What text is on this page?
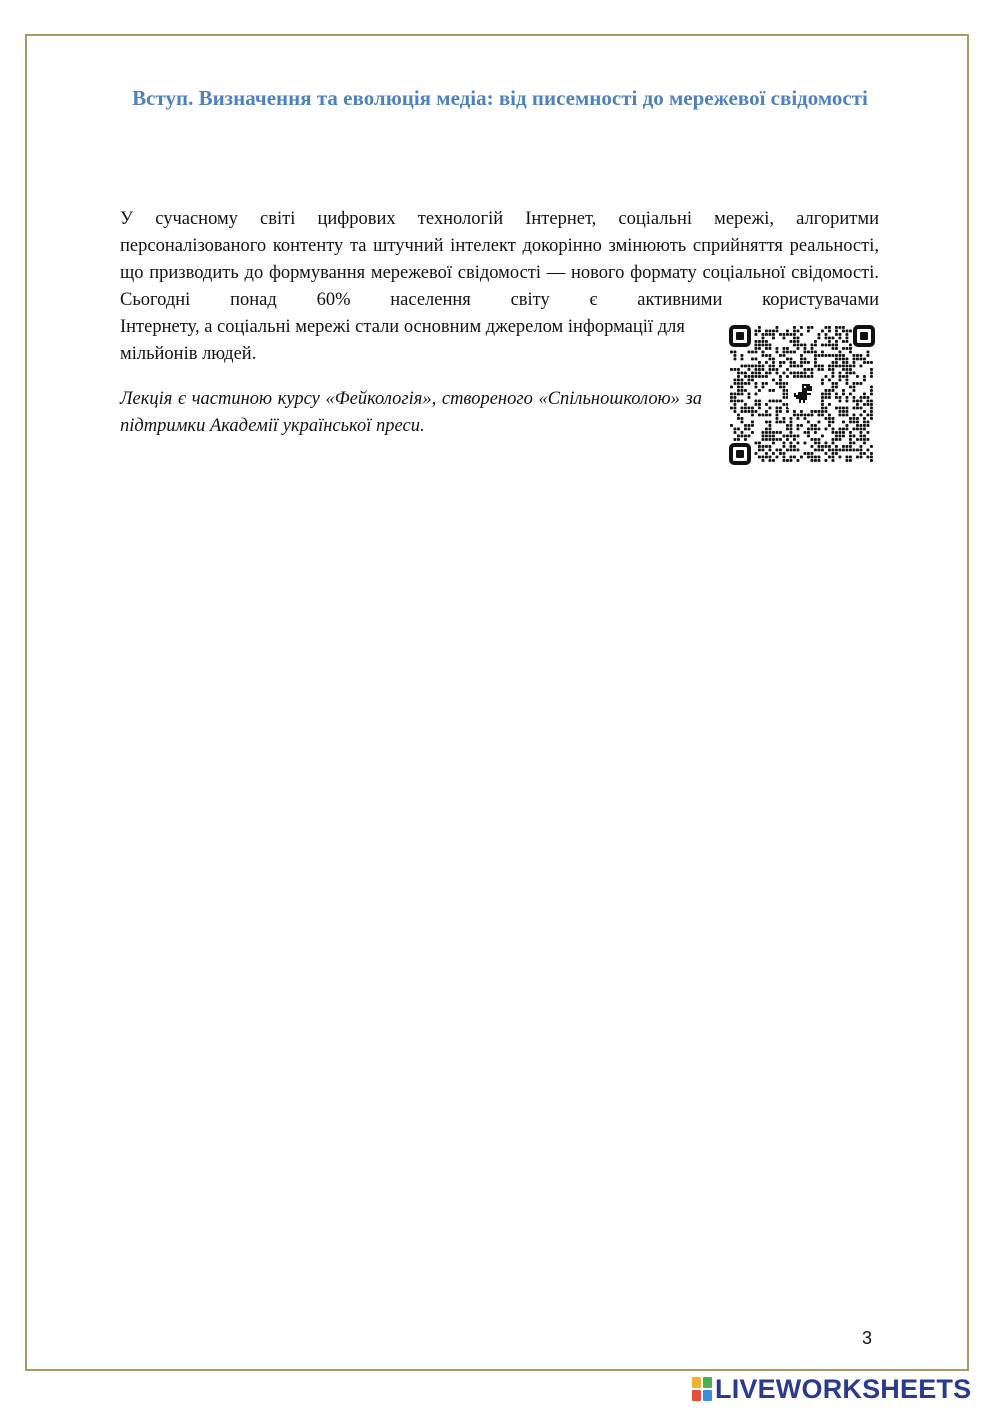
Вступ. Визначення та еволюція медіа: від писемності до мережевої свідомості

У сучасному світі цифрових технологій Інтернет, соціальні мережі, алгоритми персоналізованого контенту та штучний інтелект докорінно змінюють сприйняття реальності, що призводить до формування мережевої свідомості — нового формату соціальної свідомості. Сьогодні понад 60% населення світу є активними користувачами

Інтернету, а соціальні мережі стали основним джерелом інформації для мільйонів людей.

Лекція є частиною курсу «Фейкологія», створеного «Спільношколою» за підтримки Академії української преси.

3
LIVEWORKSHEETS
